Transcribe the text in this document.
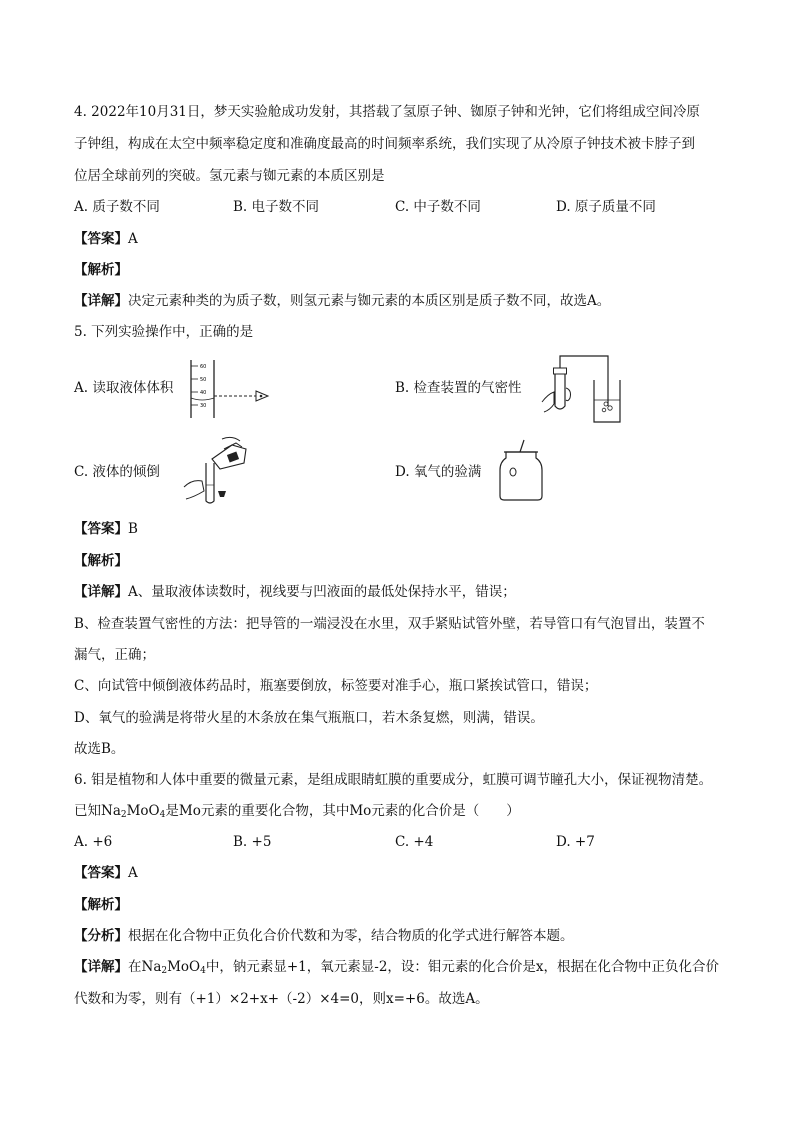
4. 2022年10月31日，梦天实验舱成功发射，其搭载了氢原子钟、铷原子钟和光钟，它们将组成空间冷原
子钟组，构成在太空中频率稳定度和准确度最高的时间频率系统，我们实现了从冷原子钟技术被卡脖子到
位居全球前列的突破。氢元素与铷元素的本质区别是
A. 质子数不同	B. 电子数不同	C. 中子数不同	D. 原子质量不同
【答案】A
【解析】
【详解】决定元素种类的为质子数，则氢元素与铷元素的本质区别是质子数不同，故选A。
5. 下列实验操作中，正确的是
A. 读取液体体积
60
50
40
30
B. 检查装置的气密性
C. 液体的倾倒	D. 氧气的验满
【答案】B
【解析】
【详解】A、量取液体读数时，视线要与凹液面的最低处保持水平，错误；
B、检查装置气密性的方法：把导管的一端浸没在水里，双手紧贴试管外壁，若导管口有气泡冒出，装置不
漏气，正确；
C、向试管中倾倒液体药品时，瓶塞要倒放，标签要对准手心，瓶口紧挨试管口，错误；
D、氧气的验满是将带火星的木条放在集气瓶瓶口，若木条复燃，则满，错误。
故选B。
6. 钼是植物和人体中重要的微量元素，是组成眼睛虹膜的重要成分，虹膜可调节瞳孔大小，保证视物清楚。
已知$Na_2MoO_4$是Mo元素的重要化合物，其中Mo元素的化合价是（　　）
A. +6	B. +5	C. +4	D. +7
【答案】A
【解析】
【分析】根据在化合物中正负化合价代数和为零，结合物质的化学式进行解答本题。
【详解】在$Na_2MoO_4$中，钠元素显+1，氧元素显-2，设：钼元素的化合价是x，根据在化合物中正负化合价
代数和为零，则有（+1）×2+x+（-2）×4=0，则x=+6。故选A。
